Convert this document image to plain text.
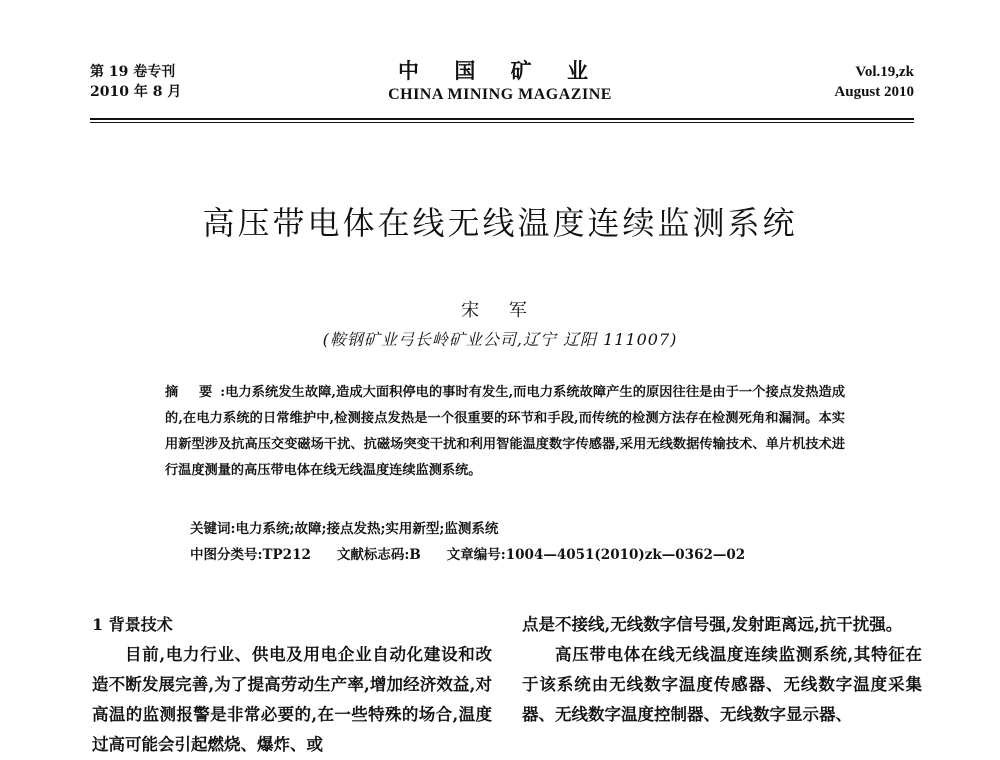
第 19 卷专刊
2010 年 8 月
中 国 矿 业
CHINA MINING MAGAZINE
Vol.19,zk
August 2010
高压带电体在线无线温度连续监测系统
宋 军
(鞍钢矿业弓长岭矿业公司,辽宁 辽阳 111007)
摘 要:电力系统发生故障,造成大面积停电的事时有发生,而电力系统故障产生的原因往往是由于一个接点发热造成的,在电力系统的日常维护中,检测接点发热是一个很重要的环节和手段,而传统的检测方法存在检测死角和漏洞。本实用新型涉及抗高压交变磁场干扰、抗磁场突变干扰和利用智能温度数字传感器,采用无线数据传输技术、单片机技术进行温度测量的高压带电体在线无线温度连续监测系统。
关键词:电力系统;故障;接点发热;实用新型;监测系统
中图分类号:TP212 文献标志码:B 文章编号:1004—4051(2010)zk—0362—02
1 背景技术

目前,电力行业、供电及用电企业自动化建设和改造不断发展完善,为了提高劳动生产率,增加经济效益,对高温的监测报警是非常必要的,在一些特殊的场合,温度过高可能会引起燃烧、爆炸、或

点是不接线,无线数字信号强,发射距离远,抗干扰强。

高压带电体在线无线温度连续监测系统,其特征在于该系统由无线数字温度传感器、无线数字温度采集器、无线数字温度控制器、无线数字显示器、
